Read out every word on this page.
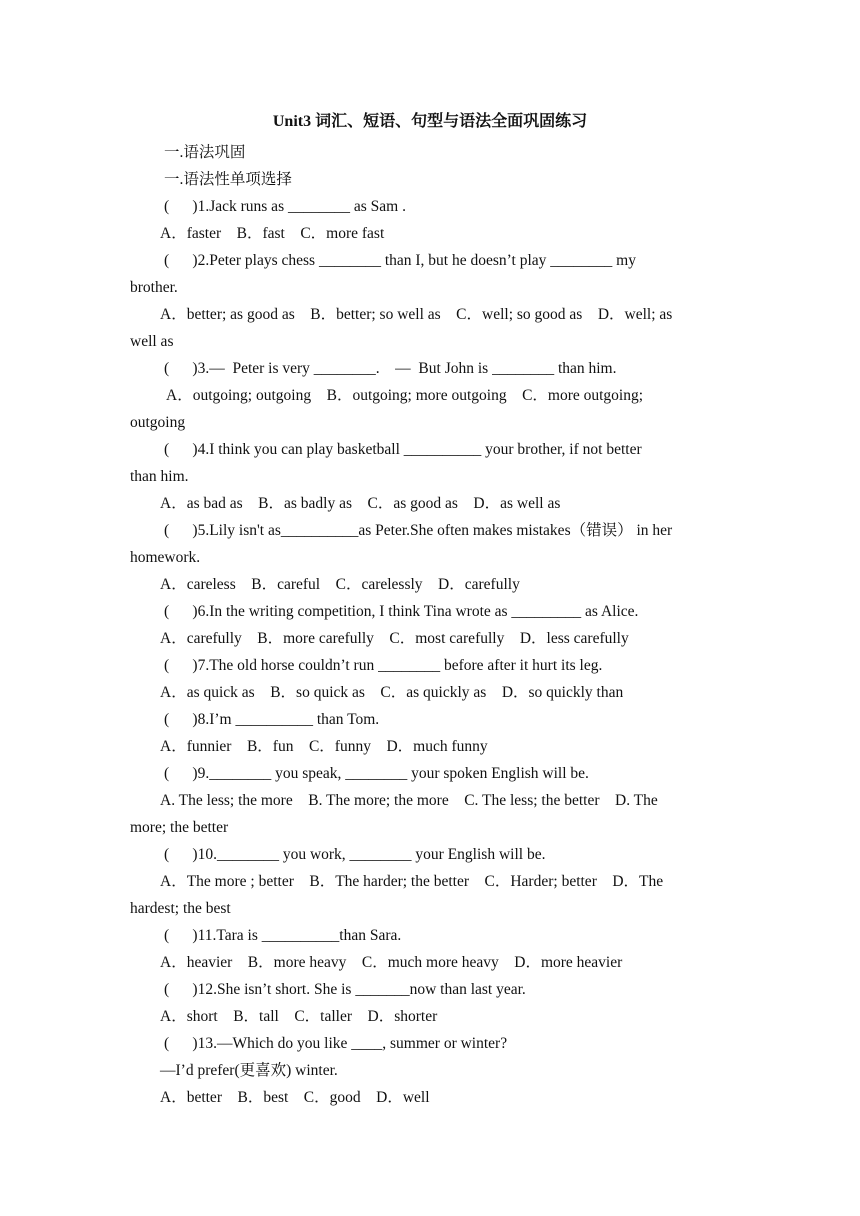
Unit3 词汇、短语、句型与语法全面巩固练习
一.语法巩固
一.语法性单项选择
(      )1.Jack runs as ________ as Sam .
A．faster    B．fast    C．more fast
(      )2.Peter plays chess ________ than I, but he doesn’t play ________ my
brother.
A．better; as good as    B．better; so well as    C．well; so good as    D．well; as
well as
(      )3.—  Peter is very ________.    —  But John is ________ than him.
A．outgoing; outgoing    B．outgoing; more outgoing    C．more outgoing;
outgoing
(      )4.I think you can play basketball __________ your brother, if not better
than him.
A．as bad as    B．as badly as    C．as good as    D．as well as
(      )5.Lily isn't as__________as Peter.She often makes mistakes（错误） in her
homework.
A．careless    B．careful    C．carelessly    D．carefully
(      )6.In the writing competition, I think Tina wrote as _________ as Alice.
A．carefully    B．more carefully    C．most carefully    D．less carefully
(      )7.The old horse couldn’t run ________ before after it hurt its leg.
A．as quick as    B．so quick as    C．as quickly as    D．so quickly than
(      )8.I’m __________ than Tom.
A．funnier    B．fun    C．funny    D．much funny
(      )9.________ you speak, ________ your spoken English will be.
A. The less; the more    B. The more; the more    C. The less; the better    D. The
more; the better
(      )10.________ you work, ________ your English will be.
A．The more ; better    B．The harder; the better    C．Harder; better    D．The
hardest; the best
(      )11.Tara is __________than Sara.
A．heavier    B．more heavy    C．much more heavy    D．more heavier
(      )12.She isn’t short. She is _______now than last year.
A．short    B．tall    C．taller    D．shorter
(      )13.—Which do you like ____, summer or winter?
—I’d prefer(更喜欢) winter.
A．better    B．best    C．good    D．well
